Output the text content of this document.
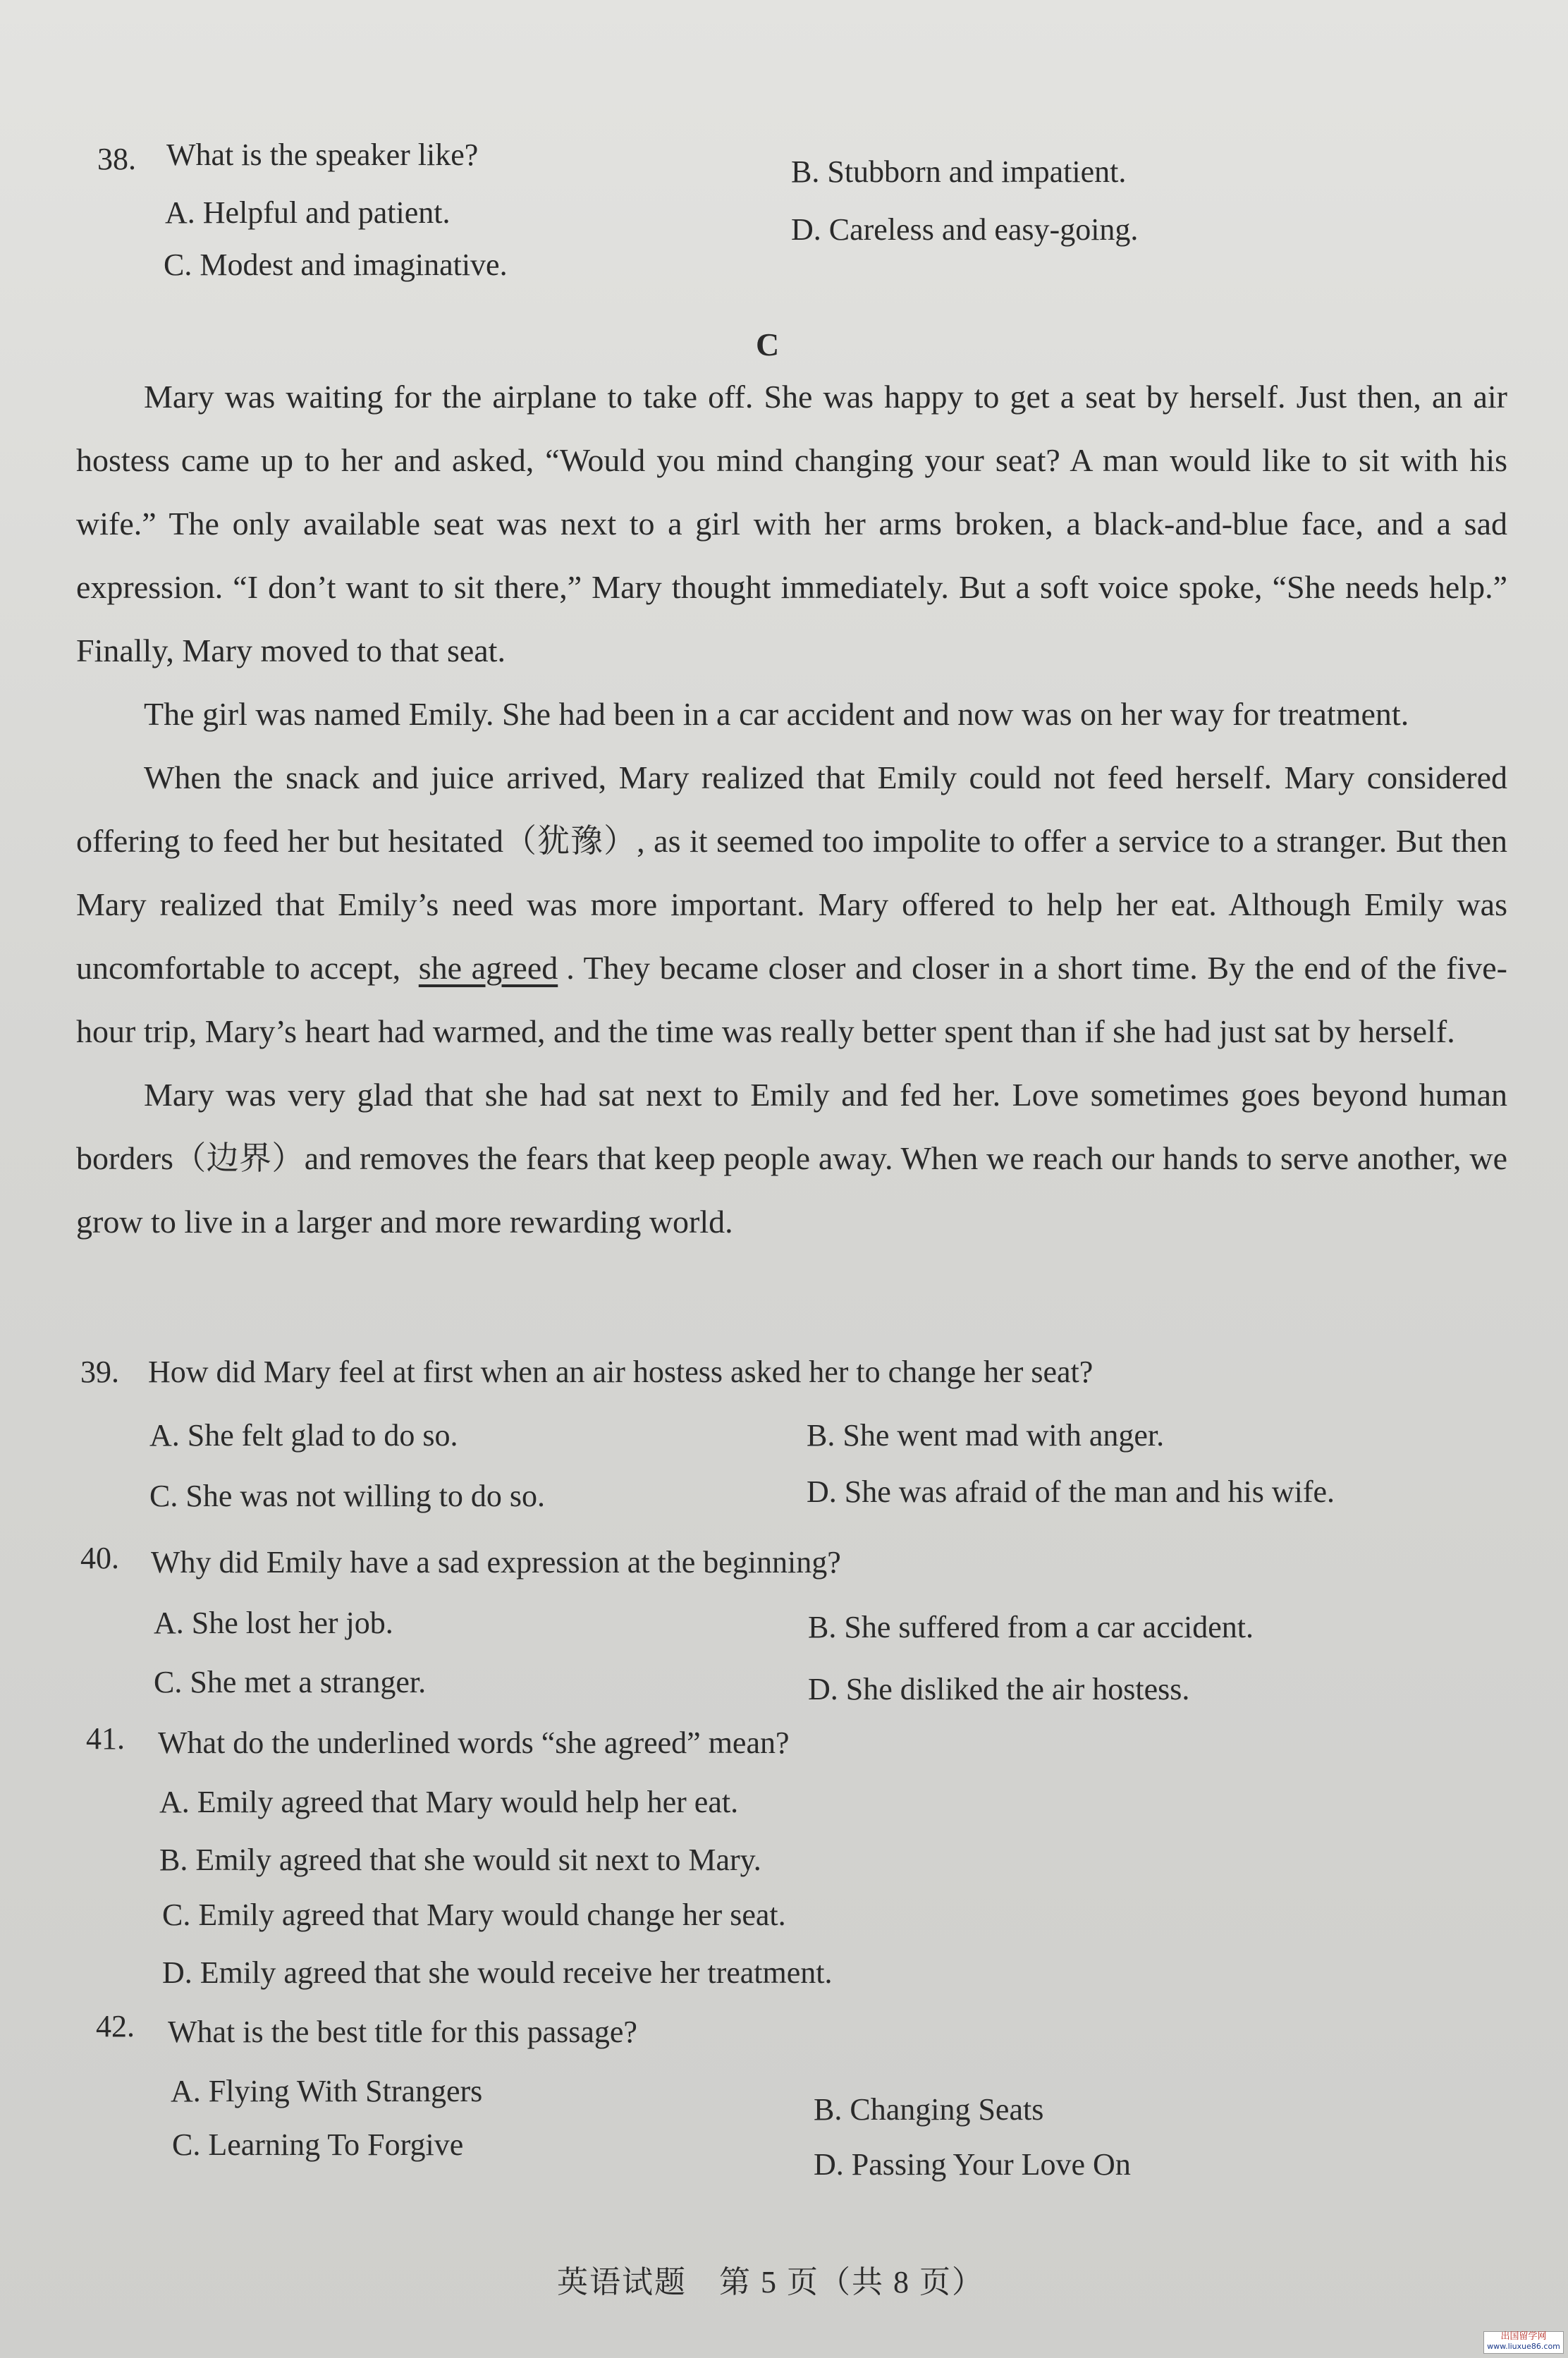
38. What is the speaker like?
A. Helpful and patient.
B. Stubborn and impatient.
C. Modest and imaginative.
D. Careless and easy-going.
C

Mary was waiting for the airplane to take off. She was happy to get a seat by herself. Just then, an air hostess came up to her and asked, “Would you mind changing your seat? A man would like to sit with his wife.” The only available seat was next to a girl with her arms broken, a black-and-blue face, and a sad expression. “I don’t want to sit there,” Mary thought immediately. But a soft voice spoke, “She needs help.” Finally, Mary moved to that seat.

The girl was named Emily. She had been in a car accident and now was on her way for treatment.

When the snack and juice arrived, Mary realized that Emily could not feed herself. Mary considered offering to feed her but hesitated（犹豫）, as it seemed too impolite to offer a service to a stranger. But then Mary realized that Emily’s need was more important. Mary offered to help her eat. Although Emily was uncomfortable to accept, she agreed . They became closer and closer in a short time. By the end of the five-hour trip, Mary’s heart had warmed, and the time was really better spent than if she had just sat by herself.

Mary was very glad that she had sat next to Emily and fed her. Love sometimes goes beyond human borders（边界）and removes the fears that keep people away. When we reach our hands to serve another, we grow to live in a larger and more rewarding world.

39. How did Mary feel at first when an air hostess asked her to change her seat?
A. She felt glad to do so.	B. She went mad with anger.
C. She was not willing to do so.	D. She was afraid of the man and his wife.
40. Why did Emily have a sad expression at the beginning?
A. She lost her job.	B. She suffered from a car accident.
C. She met a stranger.	D. She disliked the air hostess.
41. What do the underlined words “she agreed” mean?
A. Emily agreed that Mary would help her eat.
B. Emily agreed that she would sit next to Mary.
C. Emily agreed that Mary would change her seat.
D. Emily agreed that she would receive her treatment.
42. What is the best title for this passage?
A. Flying With Strangers
B. Changing Seats
C. Learning To Forgive
D. Passing Your Love On
英语试题　第 5 页（共 8 页）
出国留学网
www.liuxue86.com
